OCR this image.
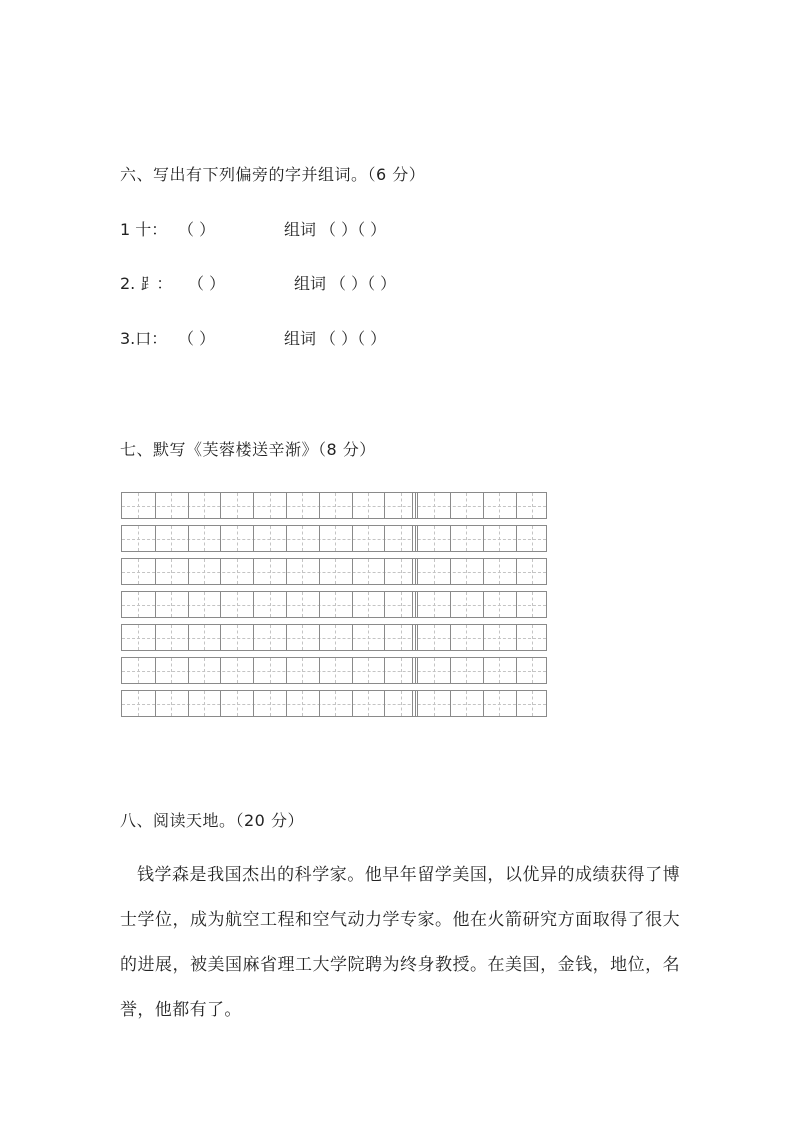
六、写出有下列偏旁的字并组词。（6 分）
1 十： （ ）	组词 （ ）（ ）
2. ⻊： （ ）	组词 （ ）（ ）
3.口： （ ）	组词 （ ）（ ）
七、默写《芙蓉楼送辛渐》（8 分）
八、阅读天地。（20 分）
钱学森是我国杰出的科学家。他早年留学美国，以优异的成绩获得了博士学位，成为航空工程和空气动力学专家。他在火箭研究方面取得了很大的进展，被美国麻省理工大学院聘为终身教授。在美国，金钱，地位，名誉，他都有了。
